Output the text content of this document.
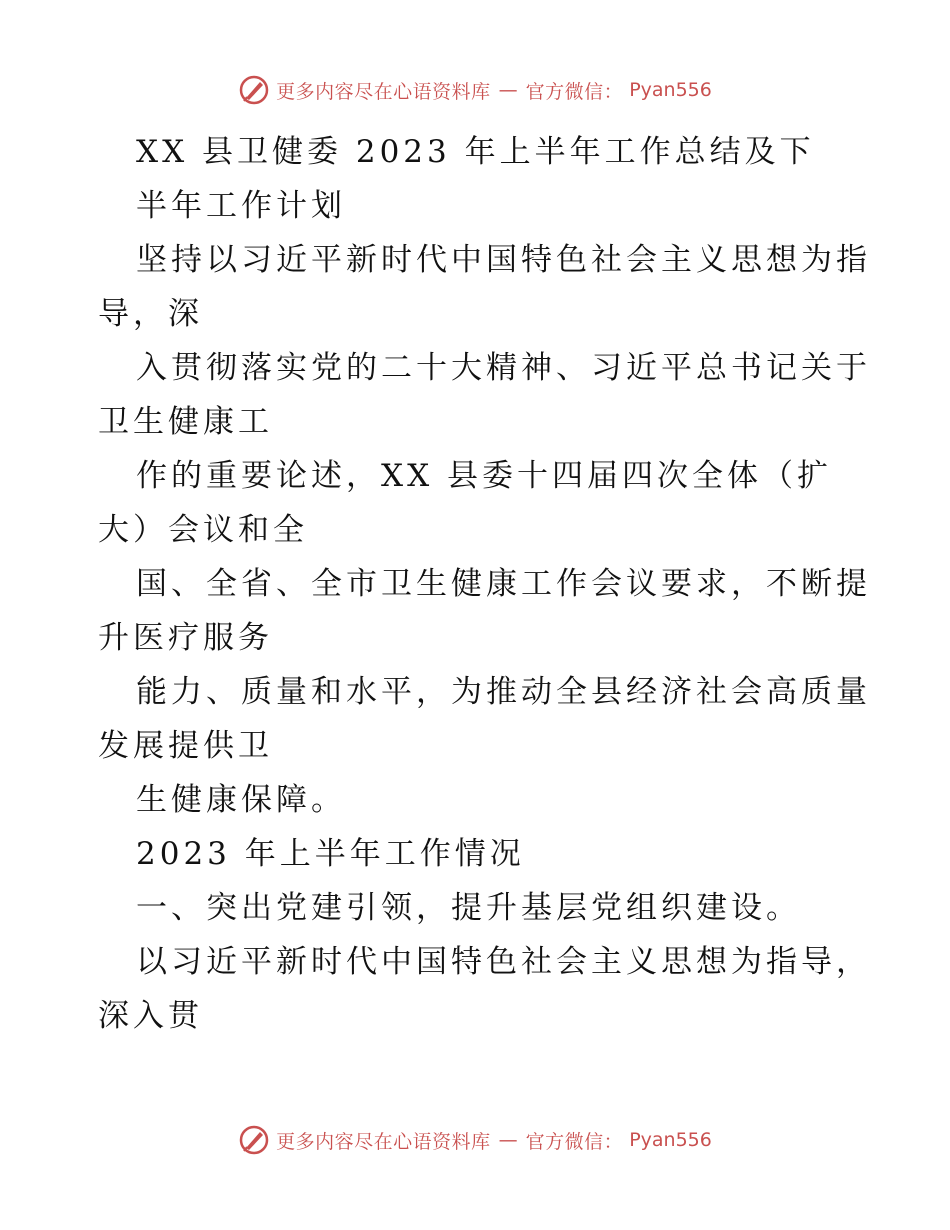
更多内容尽在心语资料库 — 官方微信： Pyan556
XX 县卫健委 2023 年上半年工作总结及下
半年工作计划
坚持以习近平新时代中国特色社会主义思想为指
导，深
入贯彻落实党的二十大精神、习近平总书记关于
卫生健康工
作的重要论述，XX 县委十四届四次全体（扩
大）会议和全
国、全省、全市卫生健康工作会议要求，不断提
升医疗服务
能力、质量和水平，为推动全县经济社会高质量
发展提供卫
生健康保障。
2023 年上半年工作情况
一、突出党建引领，提升基层党组织建设。
以习近平新时代中国特色社会主义思想为指导，
深入贯
更多内容尽在心语资料库 — 官方微信： Pyan556
